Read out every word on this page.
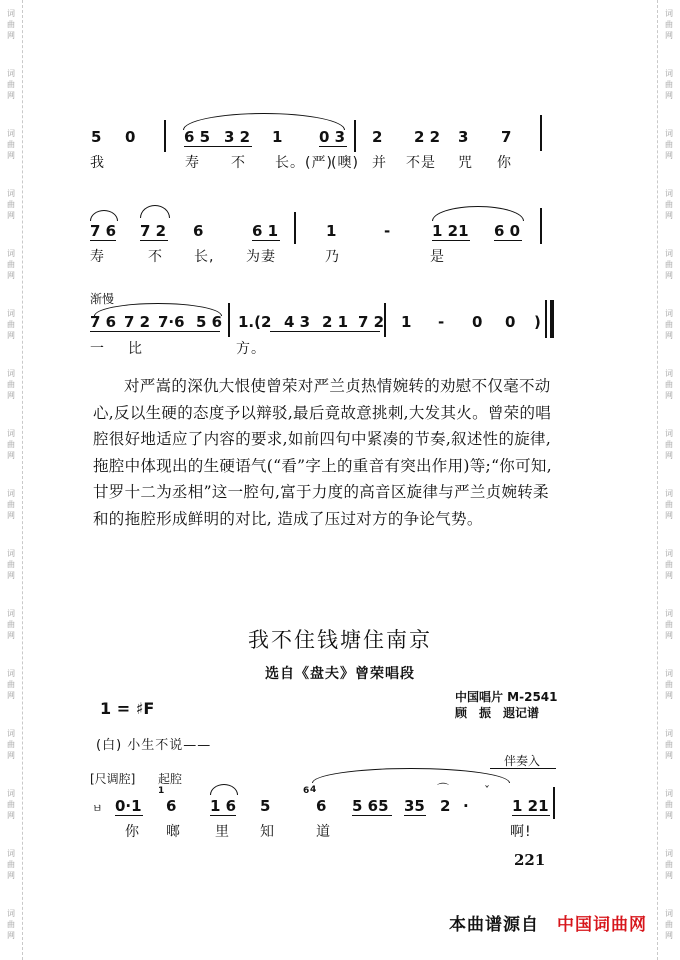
词
曲
网
词
曲
网
词
曲
网
词
曲
网
词
曲
网
词
曲
网
词
曲
网
词
曲
网
词
曲
网
词
曲
网
词
曲
网
词
曲
网
词
曲
网
词
曲
网
词
曲
网
词
曲
网
词
曲
网
词
曲
网
词
曲
网
词
曲
网
词
曲
网
词
曲
网
词
曲
网
词
曲
网
词
曲
网
词
曲
网
词
曲
网
词
曲
网
词
曲
网
词
曲
网
词
曲
网
词
曲
网
5 0	6 5 3 2 1 0 3 2 2 2 3 7
我	寿 不 长。(严)
(噢) 并 不是 咒 你
7 6 7 2 6	6 1	1	-	1 21 6 0
寿	不 长, 为妻	乃	是
渐慢
7 6 7 2 7·6 5 6 1.(2 4 3 2 1 7 2 1 - 0 0 )
一 比	方。

对严嵩的深仇大恨使曾荣对严兰贞热情婉转的劝慰不仅毫不动心,反以生硬的态度予以辩驳,最后竟故意挑刺,大发其火。曾荣的唱腔很好地适应了内容的要求,如前四句中紧凑的节奏,叙述性的旋律,拖腔中体现出的生硬语气(“看”字上的重音有突出作用)等;“你可知,甘罗十二为丞相”这一腔句,富于力度的高音区旋律与严兰贞婉转柔和的拖腔形成鲜明的对比, 造成了压过对方的争论气势。

我不住钱塘住南京
选自《盘夫》曾荣唱段
1 = ♯F
中国唱片 M-2541
顾　振　遐记谱
(白) 小生不说——
[尺调腔] 起腔
伴奏入
ㅂ 0·1
1
6 1 6 5
6 4
6 5 65 35
⌒
2 ·
ˇ
1 21
你 啷 里 知	道	啊!
221
本曲谱源自 中国词曲网
